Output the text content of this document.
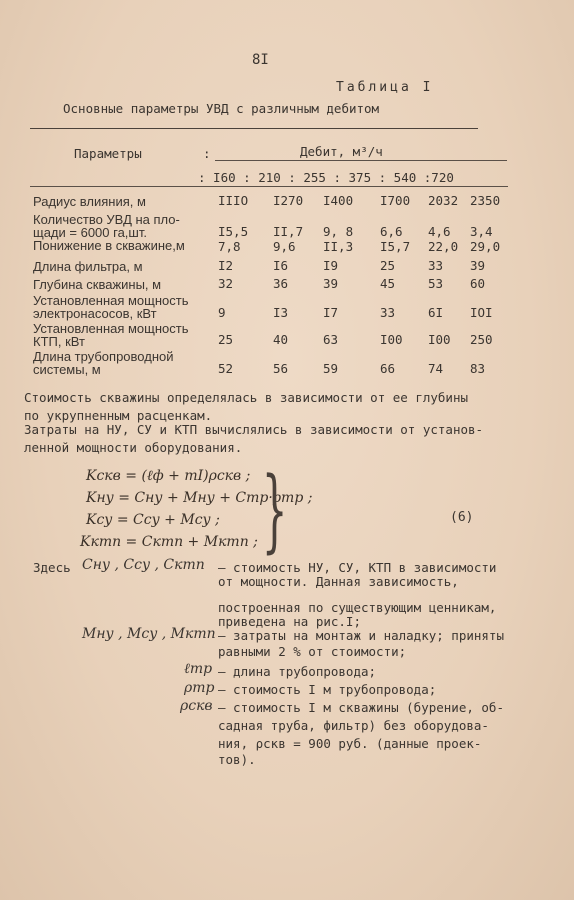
8I
Таблица I
Основные параметры УВД с различным дебитом
Параметры	:	Дебит, м³/ч
: I60 : 210 : 255 : 375 : 540 :720
Радиус влияния, м	IIIO I270 I400 I700 2032 2350
Количество УВД на пло-
щади = 6000 га,шт.	I5,5 II,7 9, 8 6,6 4,6 3,4
Понижение в скважине,м	7,8	9,6 II,3 I5,7 22,0 29,0
Длина фильтра, м	I2	I6	I9	25	33 39
Глубина скважины, м	32	36	39	45	53 60
Установленная мощность
электронасосов, кВт	9	I3	I7	33	6I IOI
Установленная мощность
КТП, кВт	25	40	63	I00 I00 250
Длина трубопроводной
системы, м	52	56	59	66	74 83
Стоимость скважины определялась в зависимости от ее глубины
по укрупненным расценкам.
Затраты на НУ, СУ и КТП вычислялись в зависимости от установ-
ленной мощности оборудования.
Kскв = (ℓф + mI)ρскв ;
Kну = Cну + Mну + Cтр·ρтр ;
Kсу = Cсу + Mсу ;
Kктп = Cктп + Mктп ; }	(6)
Здесь Cну , Cсу , Cктп – стоимость НУ, СУ, КТП в зависимости
от мощности. Данная зависимость,
построенная по существующим ценникам,
приведена на рис.I;
Mну , Mсу , Mктп – затраты на монтаж и наладку; приняты
равными 2 % от стоимости;
ℓтр – длина трубопровода;
ρтр – стоимость I м трубопровода;
ρскв – стоимость I м скважины (бурение, об-
садная труба, фильтр) без оборудова-
ния, ρскв = 900 руб. (данные проек-
тов).
